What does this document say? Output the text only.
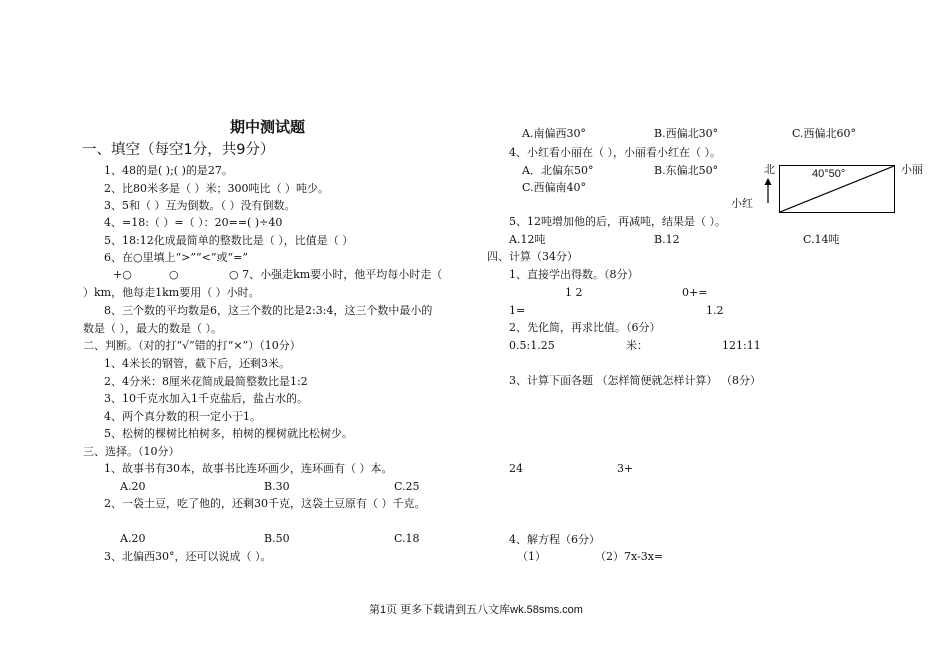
期中测试题
一、填空（每空1分，共9分）
1、48的是( );( )的是27。
2、比80米多是（ ）米；300吨比（ ）吨少。
3、5和（ ）互为倒数。（ ）没有倒数。
4、=18:（ ）=（ ）：20==( )÷40
5、18:12化成最简单的整数比是（ ），比值是（ ）
6、在○里填上“>”“<”或“=”
+○	○	○ 7、小强走km要小时，他平均每小时走（
）km，他每走1km要用（ ）小时。
8、三个数的平均数是6，这三个数的比是2:3:4，这三个数中最小的
数是（ ），最大的数是（ ）。
二、判断。（对的打“√”错的打“×”）（10分）
1、4米长的钢管，截下后，还剩3米。
2、4分米：8厘米花简成最简整数比是1:2
3、10千克水加入1千克盐后，盐占水的。
4、两个真分数的积一定小于1。
5、松树的棵树比柏树多，柏树的棵树就比松树少。
三、选择。（10分）
1、故事书有30本，故事书比连环画少，连环画有（ ）本。
A.20	B.30	C.25
2、一袋土豆，吃了他的，还剩30千克，这袋土豆原有（ ）千克。
A.20	B.50	C.18
3、北偏西30°，还可以说成（ ）。
A.南偏西30°	B.西偏北30°	C.西偏北60°
4、小红看小丽在（ ），小丽看小红在（ ）。
A．北偏东50°	B.东偏北50°
C.西偏南40°
北	40°50°	小丽
小红
5、12吨增加他的后，再减吨，结果是（ ）。
A.12吨	B.12	C.14吨
四、计算（34分）
1、直接学出得数。（8分）
1 2	0+=
1=	1.2
2、先化简，再求比值。（6分）
0.5:1.25	米：	121:11
3、计算下面各题 （怎样简便就怎样计算） （8分）
24	3+
4、解方程（6分）
（1）	（2）7x-3x=
第1页 更多下载请到五八文库wk.58sms.com
